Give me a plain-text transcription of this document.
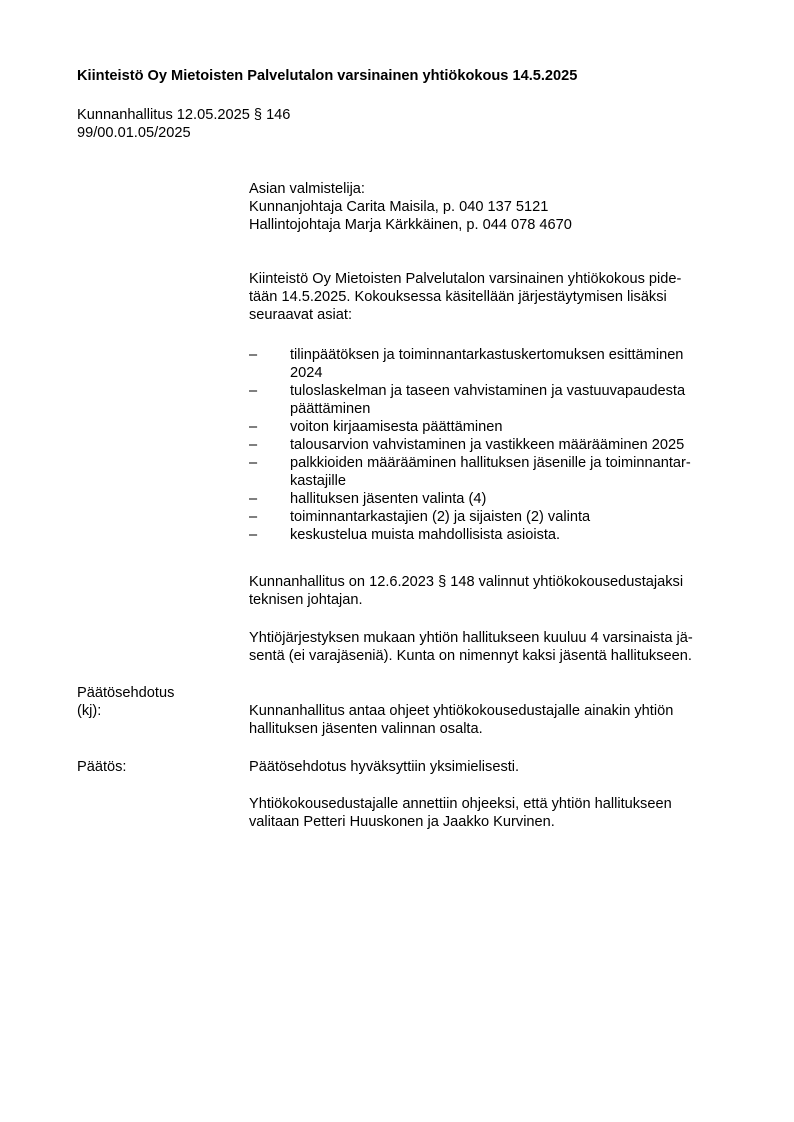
Kiinteistö Oy Mietoisten Palvelutalon varsinainen yhtiökokous 14.5.2025
Kunnanhallitus 12.05.2025 § 146
99/00.01.05/2025
Asian valmistelija:
Kunnanjohtaja Carita Maisila, p. 040 137 5121
Hallintojohtaja Marja Kärkkäinen, p. 044 078 4670
Kiinteistö Oy Mietoisten Palvelutalon varsinainen yhtiökokous pide-
tään 14.5.2025. Kokouksessa käsitellään järjestäytymisen lisäksi
seuraavat asiat:
– tilinpäätöksen ja toiminnantarkastuskertomuksen esittäminen
2024
– tuloslaskelman ja taseen vahvistaminen ja vastuuvapaudesta
päättäminen
– voiton kirjaamisesta päättäminen
– talousarvion vahvistaminen ja vastikkeen määrääminen 2025
– palkkioiden määrääminen hallituksen jäsenille ja toiminnantar-
kastajille
– hallituksen jäsenten valinta (4)
– toiminnantarkastajien (2) ja sijaisten (2) valinta
– keskustelua muista mahdollisista asioista.
Kunnanhallitus on 12.6.2023 § 148 valinnut yhtiökokousedustajaksi
teknisen johtajan.
Yhtiöjärjestyksen mukaan yhtiön hallitukseen kuuluu 4 varsinaista jä-
sentä (ei varajäseniä). Kunta on nimennyt kaksi jäsentä hallitukseen.
Päätösehdotus
(kj):	Kunnanhallitus antaa ohjeet yhtiökokousedustajalle ainakin yhtiön
hallituksen jäsenten valinnan osalta.
Päätös:	Päätösehdotus hyväksyttiin yksimielisesti.
Yhtiökokousedustajalle annettiin ohjeeksi, että yhtiön hallitukseen
valitaan Petteri Huuskonen ja Jaakko Kurvinen.
